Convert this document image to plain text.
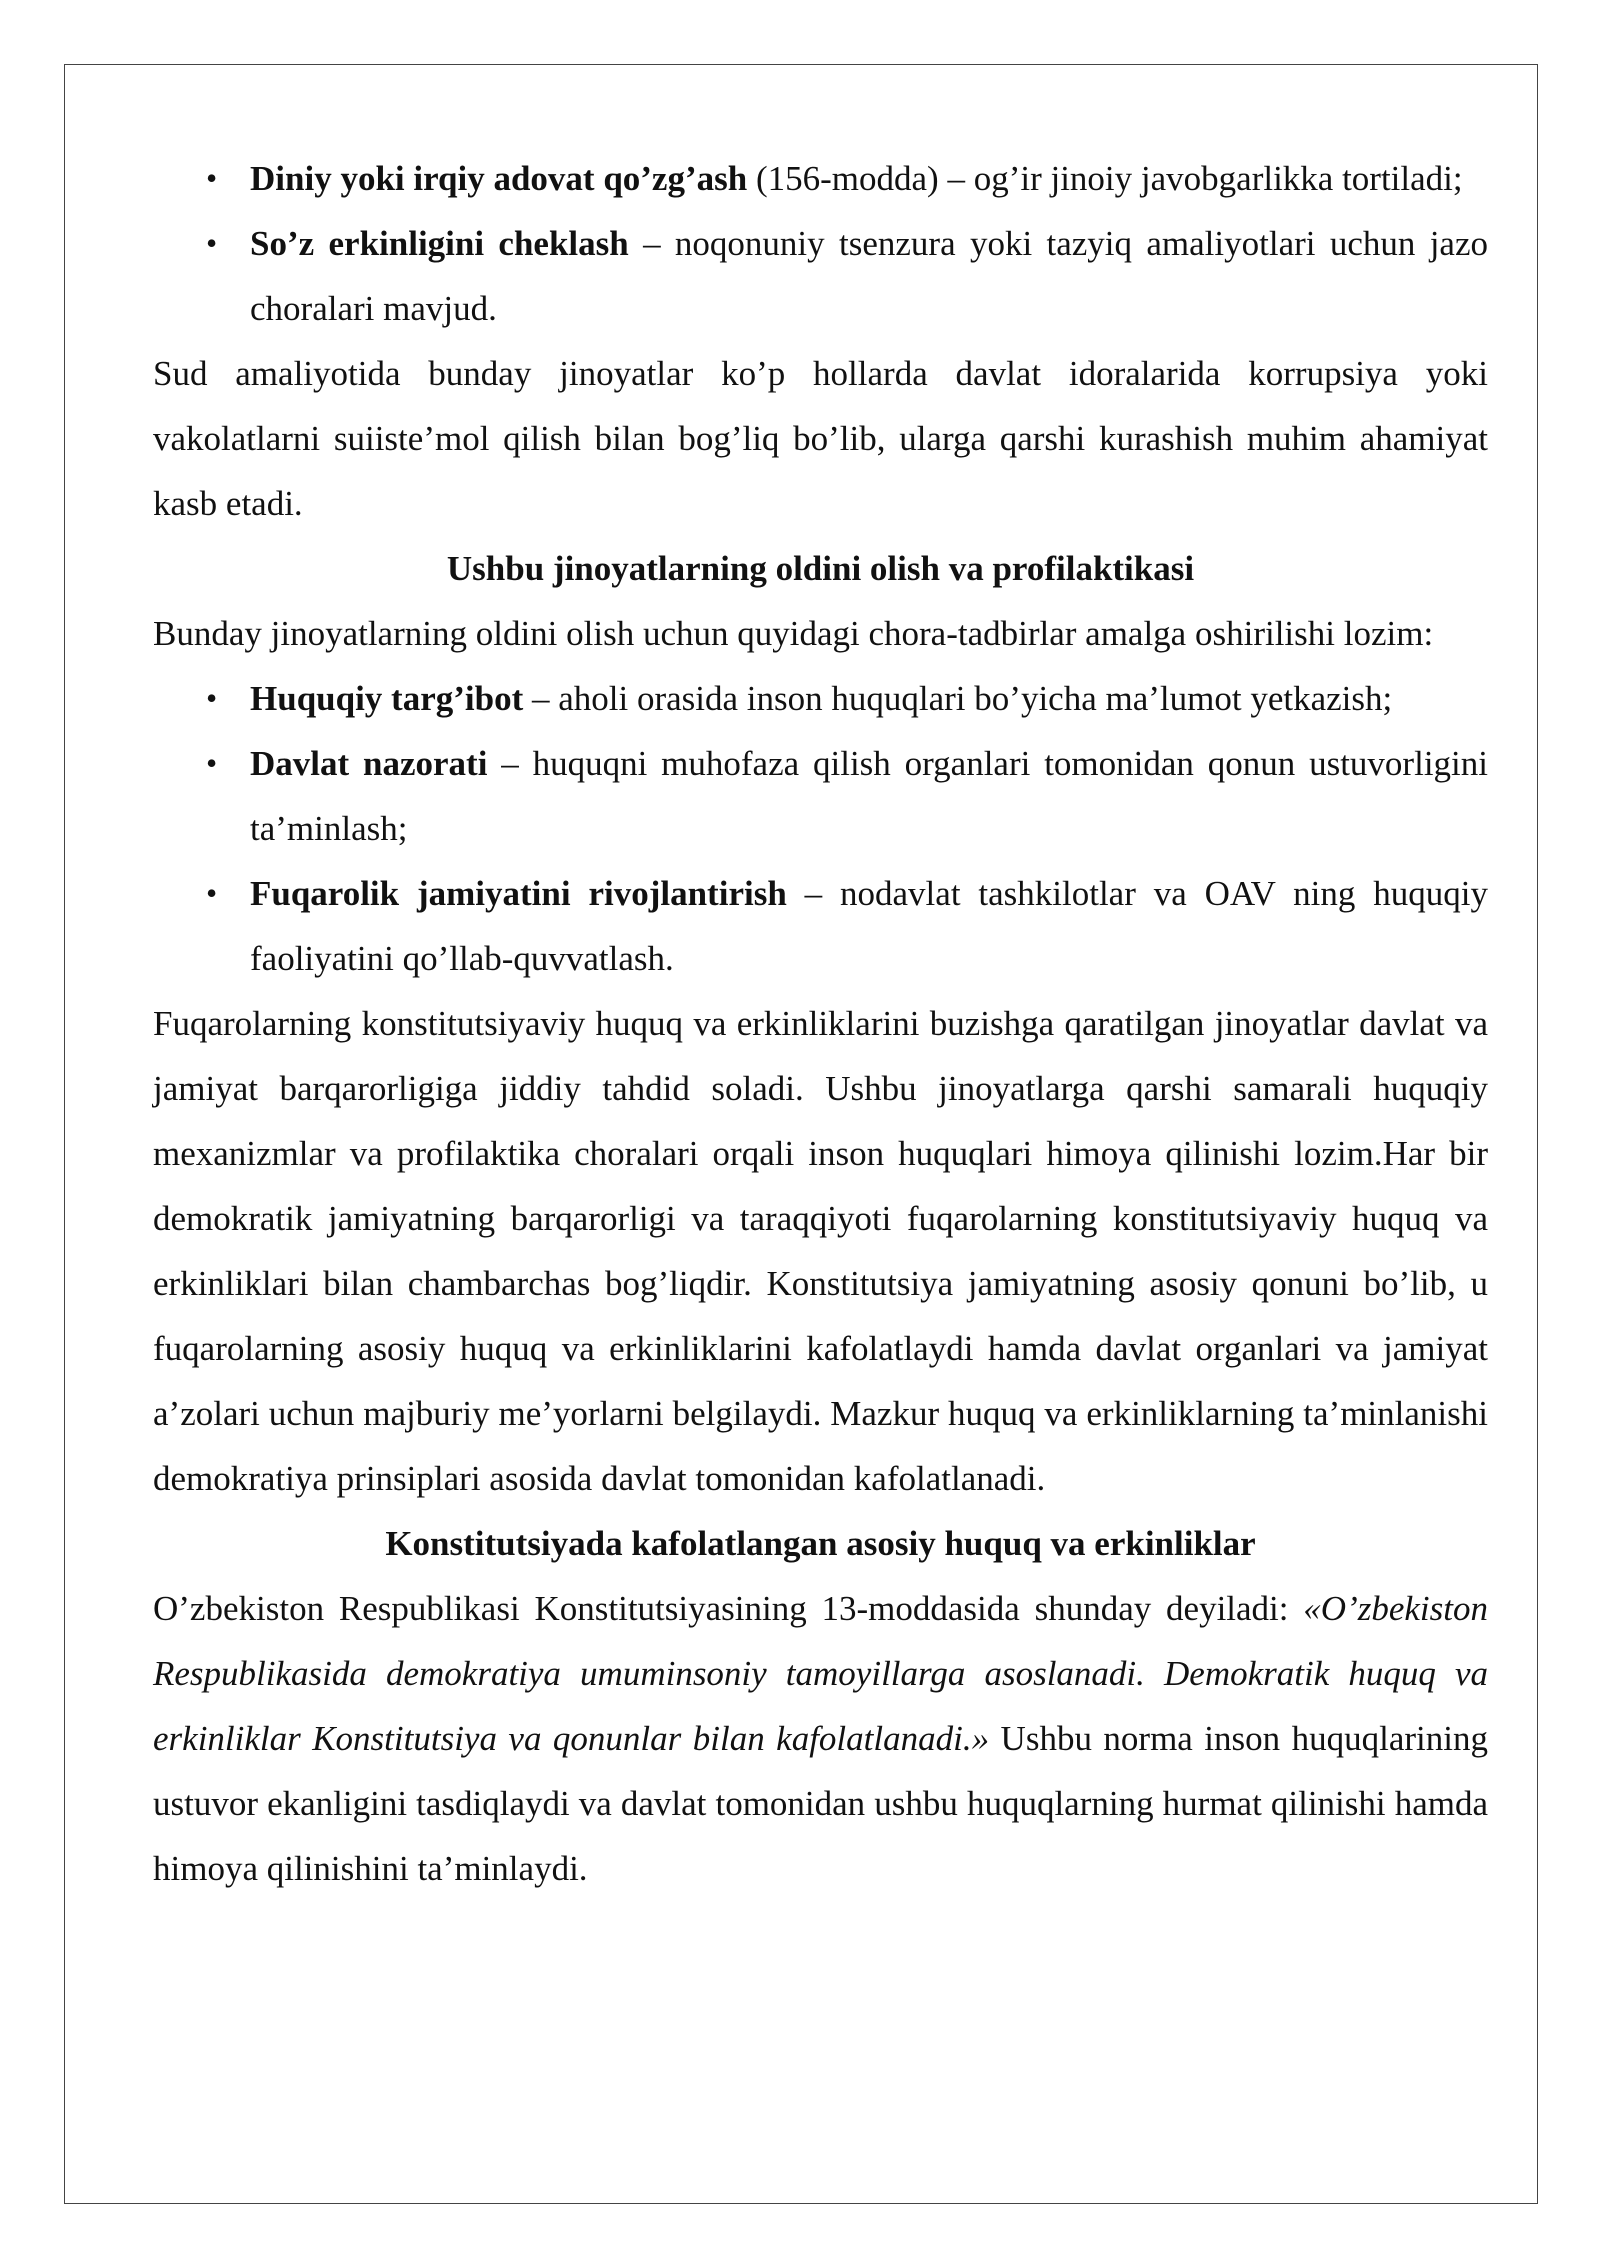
• Diniy yoki irqiy adovat qo’zg’ash (156-modda) – og’ir jinoiy javobgarlikka tortiladi;
• So’z erkinligini cheklash – noqonuniy tsenzura yoki tazyiq amaliyotlari uchun jazo choralari mavjud.

Sud amaliyotida bunday jinoyatlar ko’p hollarda davlat idoralarida korrupsiya yoki vakolatlarni suiiste’mol qilish bilan bog’liq bo’lib, ularga qarshi kurashish muhim ahamiyat kasb etadi.

Ushbu jinoyatlarning oldini olish va profilaktikasi

Bunday jinoyatlarning oldini olish uchun quyidagi chora-tadbirlar amalga oshirilishi lozim:

• Huquqiy targ’ibot – aholi orasida inson huquqlari bo’yicha ma’lumot yetkazish;
• Davlat nazorati – huquqni muhofaza qilish organlari tomonidan qonun ustuvorligini ta’minlash;
• Fuqarolik jamiyatini rivojlantirish – nodavlat tashkilotlar va OAV ning huquqiy faoliyatini qo’llab-quvvatlash.

Fuqarolarning konstitutsiyaviy huquq va erkinliklarini buzishga qaratilgan jinoyatlar davlat va jamiyat barqarorligiga jiddiy tahdid soladi. Ushbu jinoyatlarga qarshi samarali huquqiy mexanizmlar va profilaktika choralari orqali inson huquqlari himoya qilinishi lozim.Har bir demokratik jamiyatning barqarorligi va taraqqiyoti fuqarolarning konstitutsiyaviy huquq va erkinliklari bilan chambarchas bog’liqdir. Konstitutsiya jamiyatning asosiy qonuni bo’lib, u fuqarolarning asosiy huquq va erkinliklarini kafolatlaydi hamda davlat organlari va jamiyat a’zolari uchun majburiy me’yorlarni belgilaydi. Mazkur huquq va erkinliklarning ta’minlanishi demokratiya prinsiplari asosida davlat tomonidan kafolatlanadi.

Konstitutsiyada kafolatlangan asosiy huquq va erkinliklar

O’zbekiston Respublikasi Konstitutsiyasining 13-moddasida shunday deyiladi: «O’zbekiston Respublikasida demokratiya umuminsoniy tamoyillarga asoslanadi. Demokratik huquq va erkinliklar Konstitutsiya va qonunlar bilan kafolatlanadi.» Ushbu norma inson huquqlarining ustuvor ekanligini tasdiqlaydi va davlat tomonidan ushbu huquqlarning hurmat qilinishi hamda himoya qilinishini ta’minlaydi.
